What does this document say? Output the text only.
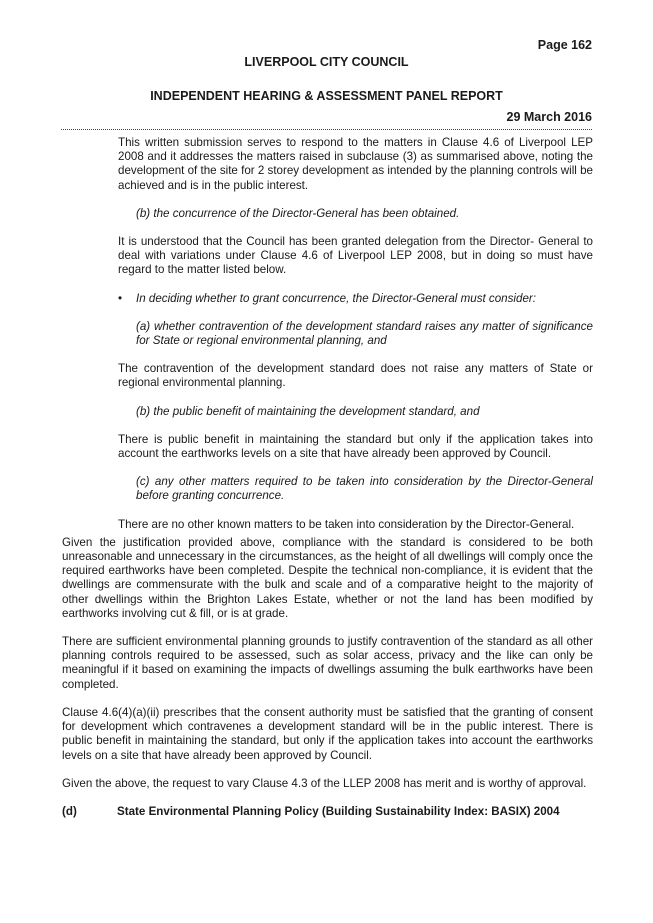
Page 162
LIVERPOOL CITY COUNCIL
INDEPENDENT HEARING & ASSESSMENT PANEL REPORT
29 March 2016

This written submission serves to respond to the matters in Clause 4.6 of Liverpool LEP 2008 and it addresses the matters raised in subclause (3) as summarised above, noting the development of the site for 2 storey development as intended by the planning controls will be achieved and is in the public interest.

(b) the concurrence of the Director-General has been obtained.

It is understood that the Council has been granted delegation from the Director- General to deal with variations under Clause 4.6 of Liverpool LEP 2008, but in doing so must have regard to the matter listed below.

•	In deciding whether to grant concurrence, the Director-General must consider:

(a) whether contravention of the development standard raises any matter of significance for State or regional environmental planning, and

The contravention of the development standard does not raise any matters of State or regional environmental planning.

(b) the public benefit of maintaining the development standard, and

There is public benefit in maintaining the standard but only if the application takes into account the earthworks levels on a site that have already been approved by Council.

(c) any other matters required to be taken into consideration by the Director-General before granting concurrence.

There are no other known matters to be taken into consideration by the Director-General.

Given the justification provided above, compliance with the standard is considered to be both unreasonable and unnecessary in the circumstances, as the height of all dwellings will comply once the required earthworks have been completed. Despite the technical non-compliance, it is evident that the dwellings are commensurate with the bulk and scale and of a comparative height to the majority of other dwellings within the Brighton Lakes Estate, whether or not the land has been modified by earthworks involving cut & fill, or is at grade.

There are sufficient environmental planning grounds to justify contravention of the standard as all other planning controls required to be assessed, such as solar access, privacy and the like can only be meaningful if it based on examining the impacts of dwellings assuming the bulk earthworks have been completed.

Clause 4.6(4)(a)(ii) prescribes that the consent authority must be satisfied that the granting of consent for development which contravenes a development standard will be in the public interest. There is public benefit in maintaining the standard, but only if the application takes into account the earthworks levels on a site that have already been approved by Council.

Given the above, the request to vary Clause 4.3 of the LLEP 2008 has merit and is worthy of approval.

(d)	State Environmental Planning Policy (Building Sustainability Index: BASIX) 2004
